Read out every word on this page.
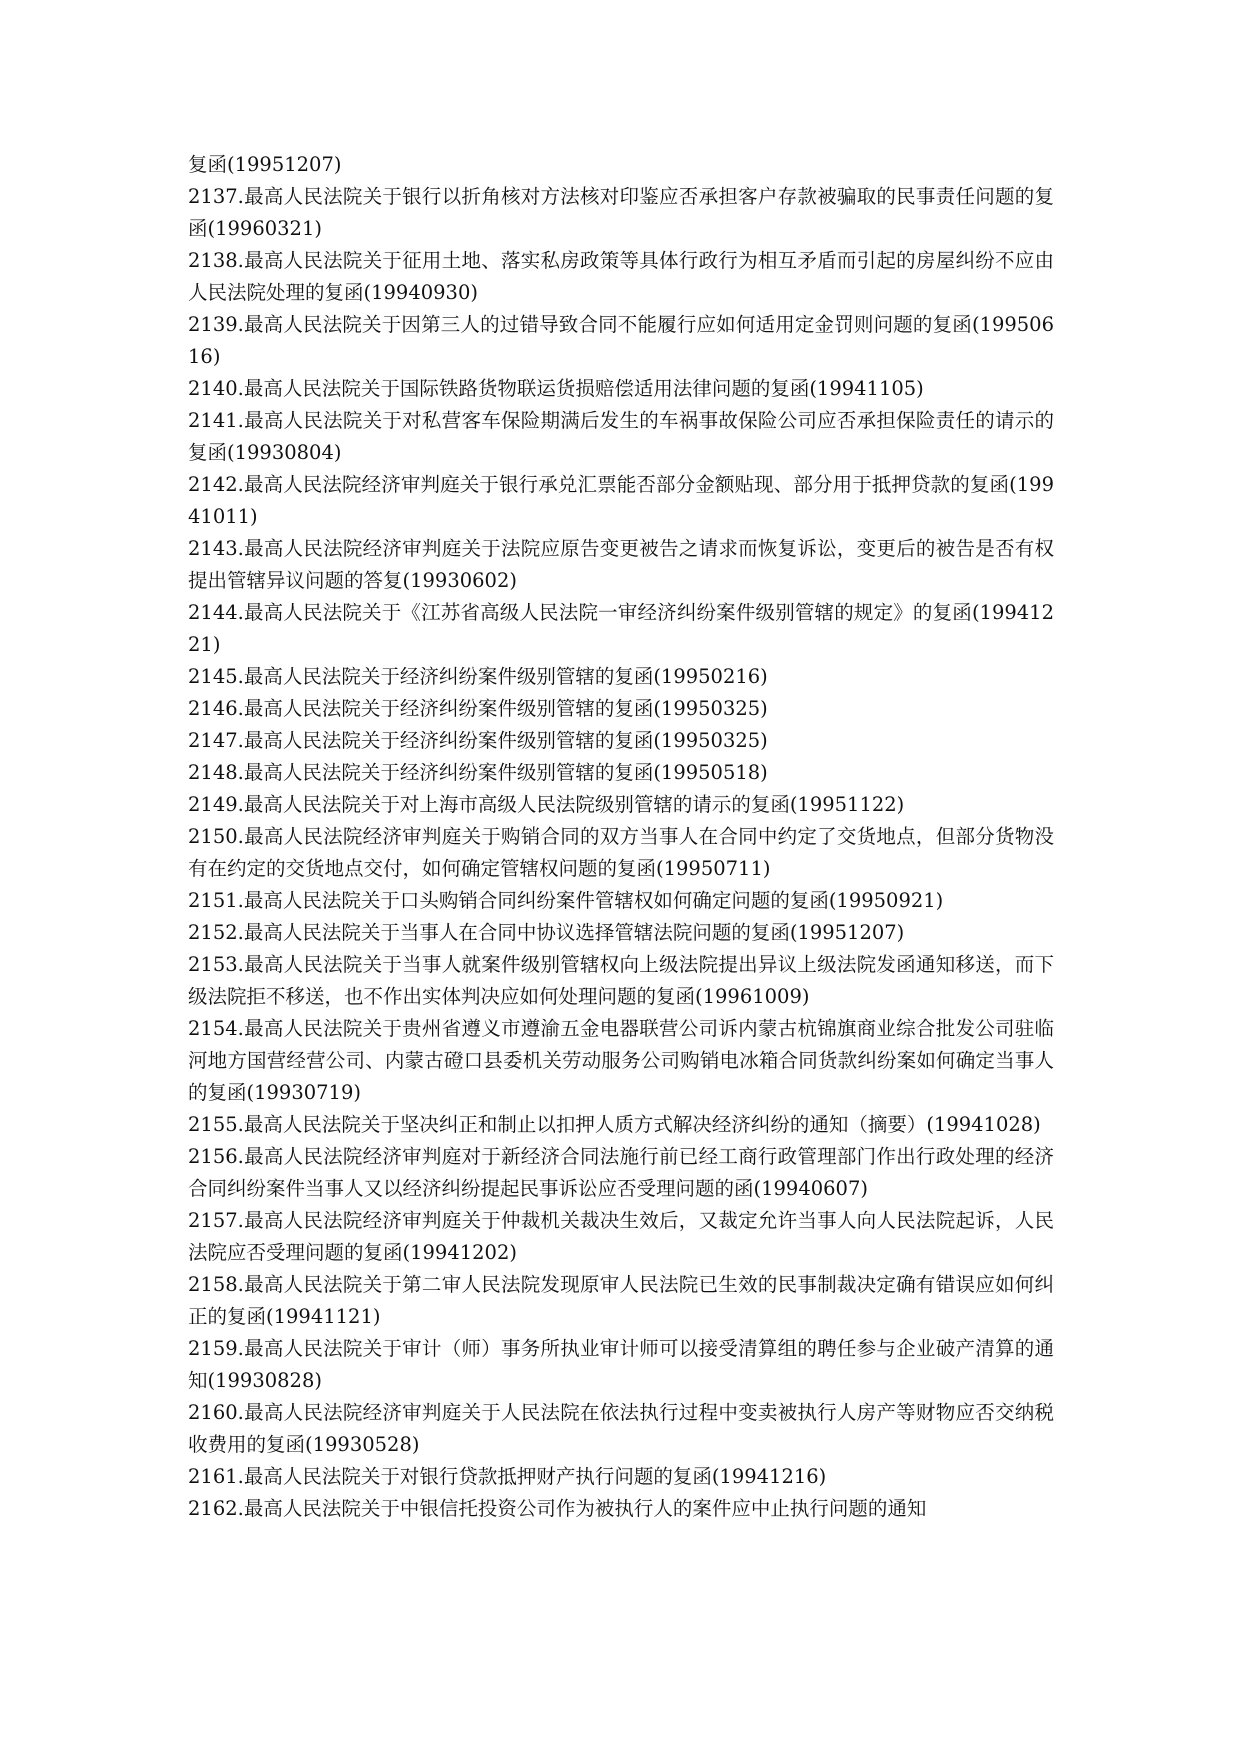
复函(19951207)

2137.最高人民法院关于银行以折角核对方法核对印鉴应否承担客户存款被骗取的民事责任问题的复函(19960321)

2138.最高人民法院关于征用土地、落实私房政策等具体行政行为相互矛盾而引起的房屋纠纷不应由人民法院处理的复函(19940930)

2139.最高人民法院关于因第三人的过错导致合同不能履行应如何适用定金罚则问题的复函(19950616)

2140.最高人民法院关于国际铁路货物联运货损赔偿适用法律问题的复函(19941105)

2141.最高人民法院关于对私营客车保险期满后发生的车祸事故保险公司应否承担保险责任的请示的复函(19930804)

2142.最高人民法院经济审判庭关于银行承兑汇票能否部分金额贴现、部分用于抵押贷款的复函(19941011)

2143.最高人民法院经济审判庭关于法院应原告变更被告之请求而恢复诉讼，变更后的被告是否有权提出管辖异议问题的答复(19930602)

2144.最高人民法院关于《江苏省高级人民法院一审经济纠纷案件级别管辖的规定》的复函(19941221)

2145.最高人民法院关于经济纠纷案件级别管辖的复函(19950216)

2146.最高人民法院关于经济纠纷案件级别管辖的复函(19950325)

2147.最高人民法院关于经济纠纷案件级别管辖的复函(19950325)

2148.最高人民法院关于经济纠纷案件级别管辖的复函(19950518)

2149.最高人民法院关于对上海市高级人民法院级别管辖的请示的复函(19951122)

2150.最高人民法院经济审判庭关于购销合同的双方当事人在合同中约定了交货地点，但部分货物没有在约定的交货地点交付，如何确定管辖权问题的复函(19950711)

2151.最高人民法院关于口头购销合同纠纷案件管辖权如何确定问题的复函(19950921)

2152.最高人民法院关于当事人在合同中协议选择管辖法院问题的复函(19951207)

2153.最高人民法院关于当事人就案件级别管辖权向上级法院提出异议上级法院发函通知移送，而下级法院拒不移送，也不作出实体判决应如何处理问题的复函(19961009)

2154.最高人民法院关于贵州省遵义市遵渝五金电器联营公司诉内蒙古杭锦旗商业综合批发公司驻临河地方国营经营公司、内蒙古磴口县委机关劳动服务公司购销电冰箱合同货款纠纷案如何确定当事人的复函(19930719)

2155.最高人民法院关于坚决纠正和制止以扣押人质方式解决经济纠纷的通知（摘要）(19941028)

2156.最高人民法院经济审判庭对于新经济合同法施行前已经工商行政管理部门作出行政处理的经济合同纠纷案件当事人又以经济纠纷提起民事诉讼应否受理问题的函(19940607)

2157.最高人民法院经济审判庭关于仲裁机关裁决生效后，又裁定允许当事人向人民法院起诉，人民法院应否受理问题的复函(19941202)

2158.最高人民法院关于第二审人民法院发现原审人民法院已生效的民事制裁决定确有错误应如何纠正的复函(19941121)

2159.最高人民法院关于审计（师）事务所执业审计师可以接受清算组的聘任参与企业破产清算的通知(19930828)

2160.最高人民法院经济审判庭关于人民法院在依法执行过程中变卖被执行人房产等财物应否交纳税收费用的复函(19930528)

2161.最高人民法院关于对银行贷款抵押财产执行问题的复函(19941216)

2162.最高人民法院关于中银信托投资公司作为被执行人的案件应中止执行问题的通知
